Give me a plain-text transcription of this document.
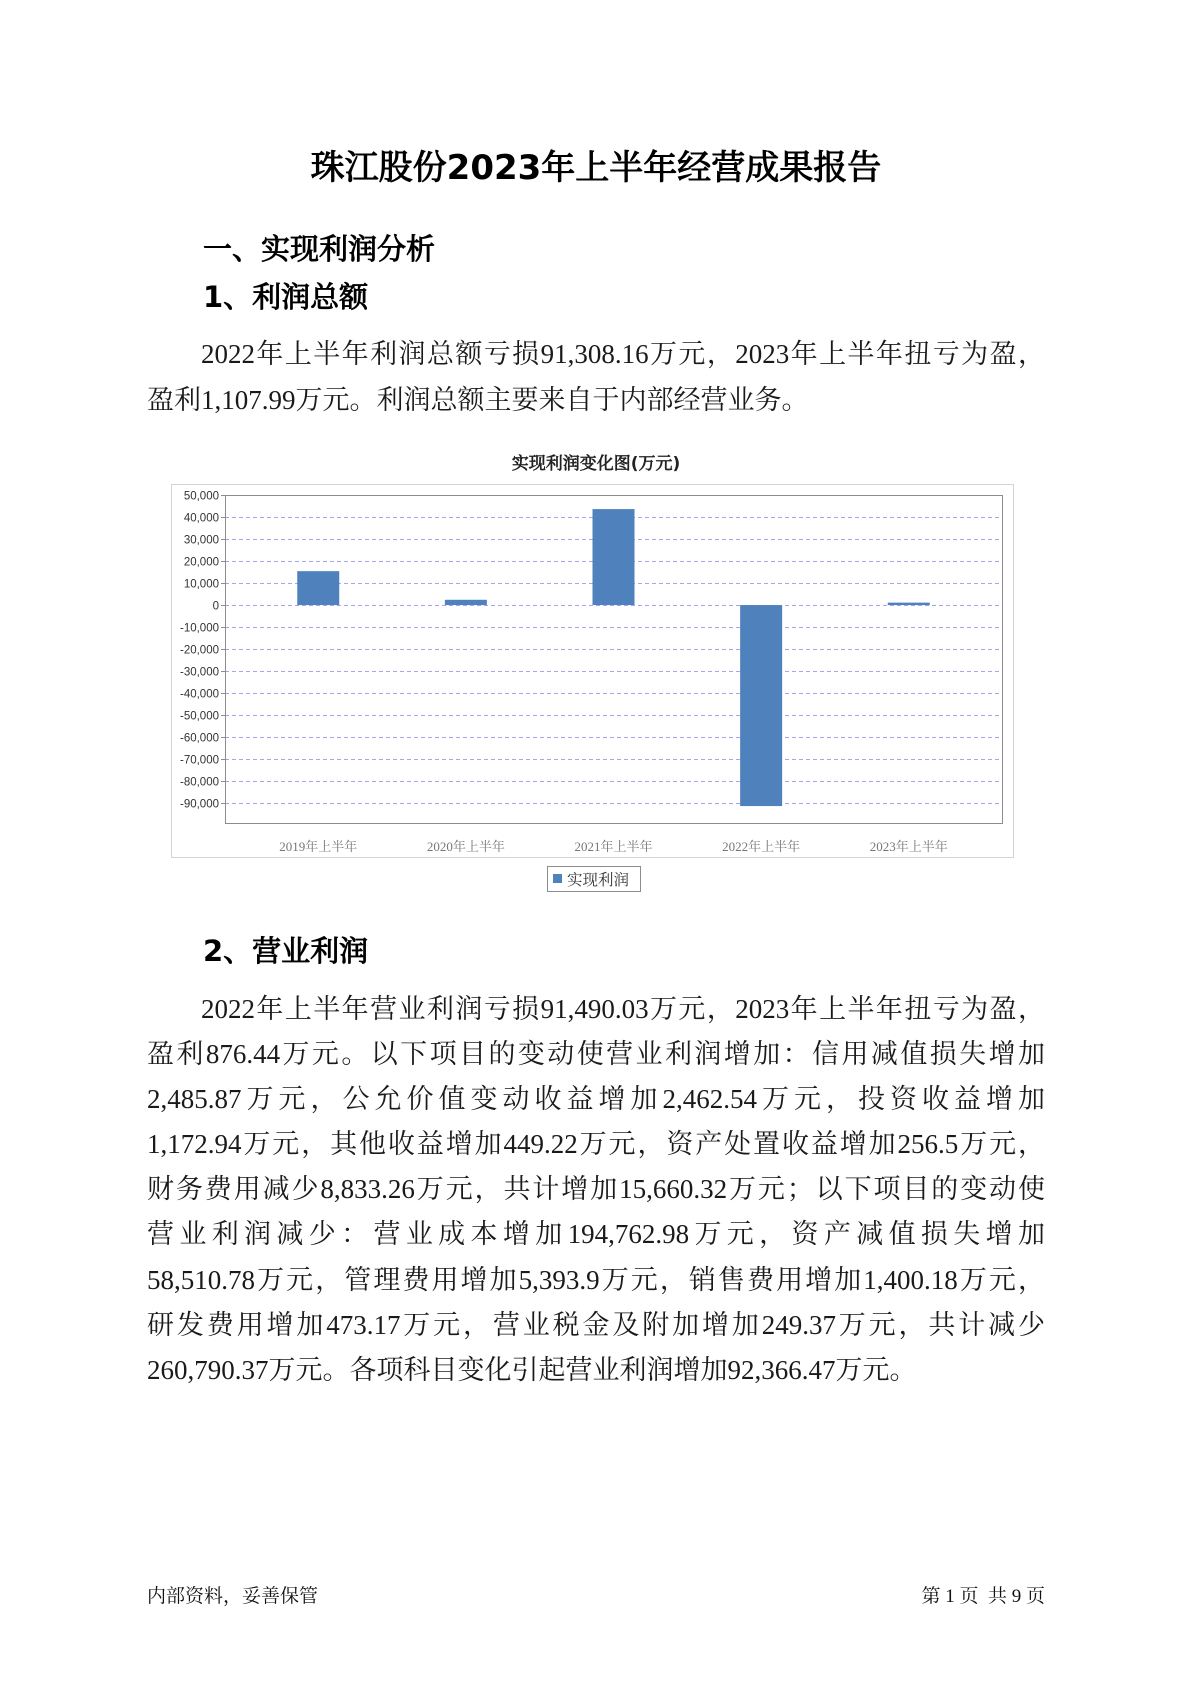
珠江股份2023年上半年经营成果报告
一、实现利润分析
1、利润总额
2022年上半年利润总额亏损91,308.16万元，2023年上半年扭亏为盈，
盈利1,107.99万元。利润总额主要来自于内部经营业务。
实现利润变化图(万元)
50,000
40,000
30,000
20,000
10,000
0
-10,000
-20,000
-30,000
-40,000
-50,000
-60,000
-70,000
-80,000
-90,000
2019年上半年	2020年上半年	2021年上半年	2022年上半年	2023年上半年
实现利润
2、营业利润
2022年上半年营业利润亏损91,490.03万元，2023年上半年扭亏为盈，
盈利876.44万元。以下项目的变动使营业利润增加：信用减值损失增加
2,485.87万元，公允价值变动收益增加2,462.54万元，投资收益增加
1,172.94万元，其他收益增加449.22万元，资产处置收益增加256.5万元，
财务费用减少8,833.26万元，共计增加15,660.32万元；以下项目的变动使
营业利润减少：营业成本增加194,762.98万元，资产减值损失增加
58,510.78万元，管理费用增加5,393.9万元，销售费用增加1,400.18万元，
研发费用增加473.17万元，营业税金及附加增加249.37万元，共计减少
260,790.37万元。各项科目变化引起营业利润增加92,366.47万元。
内部资料，妥善保管	第 1 页  共 9 页
